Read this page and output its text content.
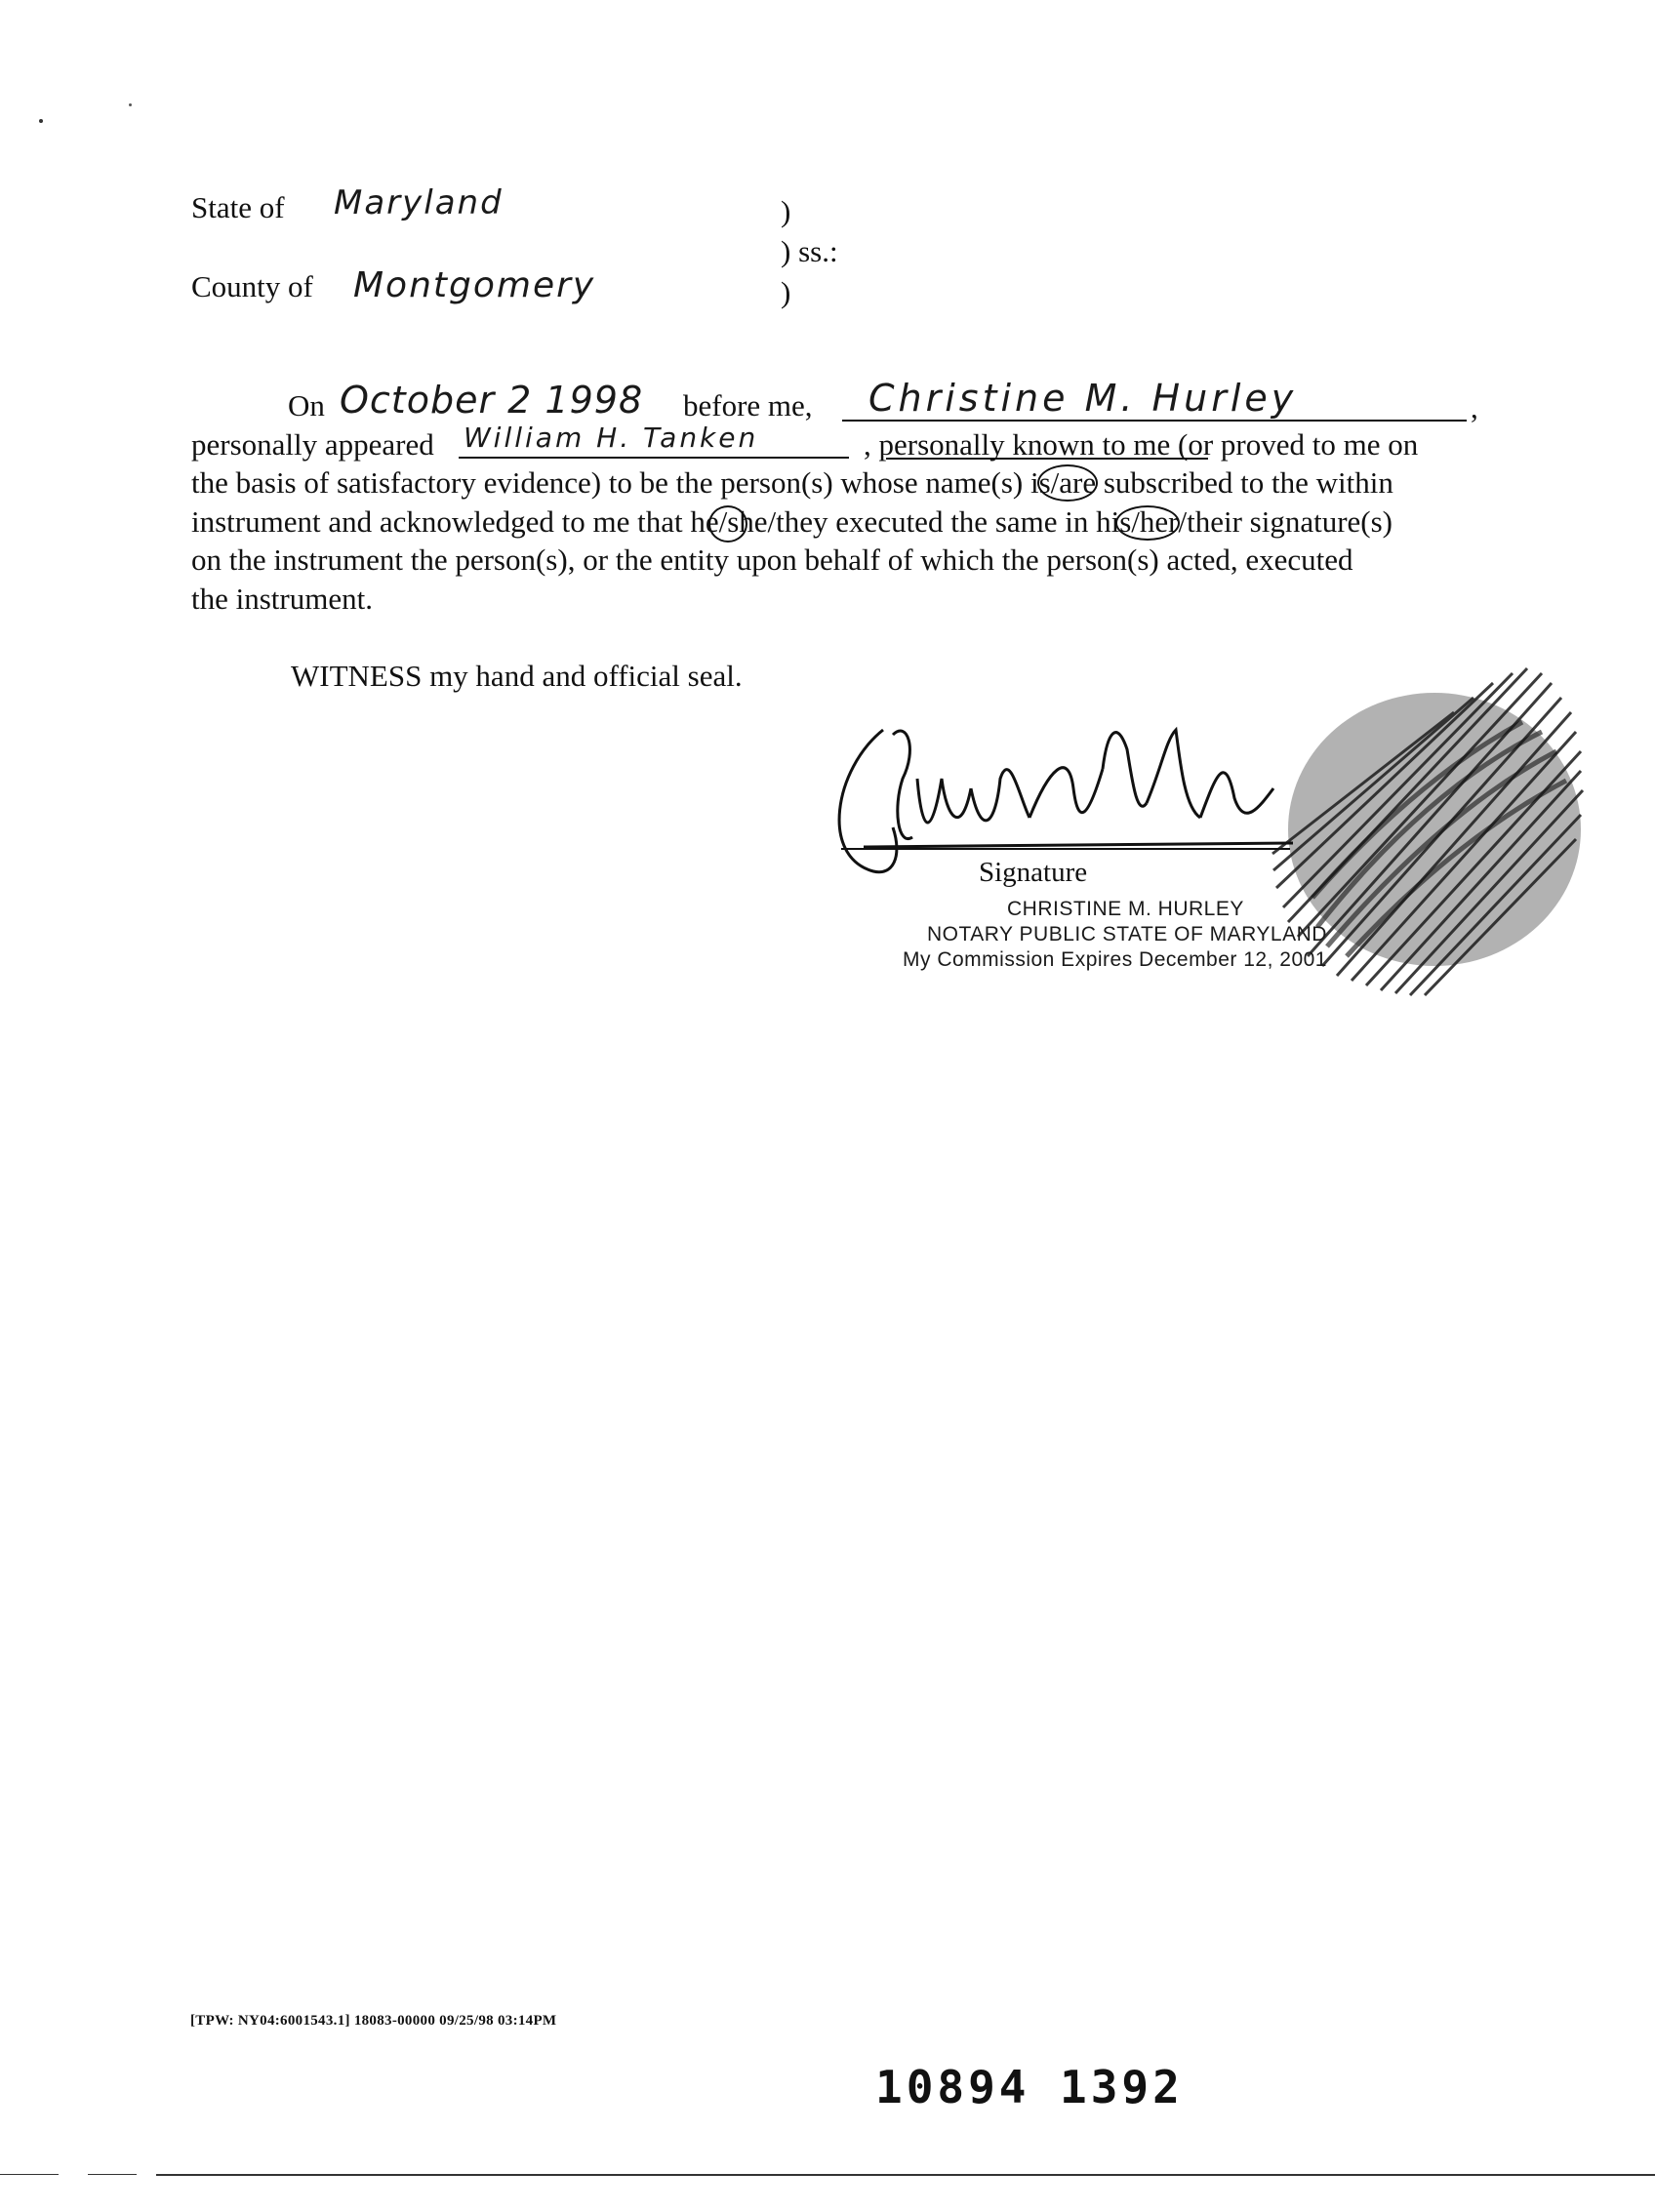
State of Maryland
County of Montgomery
)
) ss.:
)
On October 2 1998 before me, Christine M. Hurley	,
personally appeared William H. Tanken	, personally known to me (or proved to me on
the basis of satisfactory evidence) to be the person(s) whose name(s) is/are subscribed to the within
instrument and acknowledged to me that he/she/they executed the same in his/her/their signature(s)
on the instrument the person(s), or the entity upon behalf of which the person(s) acted, executed
the instrument.
WITNESS my hand and official seal.
Signature
CHRISTINE M. HURLEY
NOTARY PUBLIC STATE OF MARYLAND
My Commission Expires December 12, 2001
[TPW: NY04:6001543.1] 18083-00000 09/25/98 03:14PM
10894 1392
